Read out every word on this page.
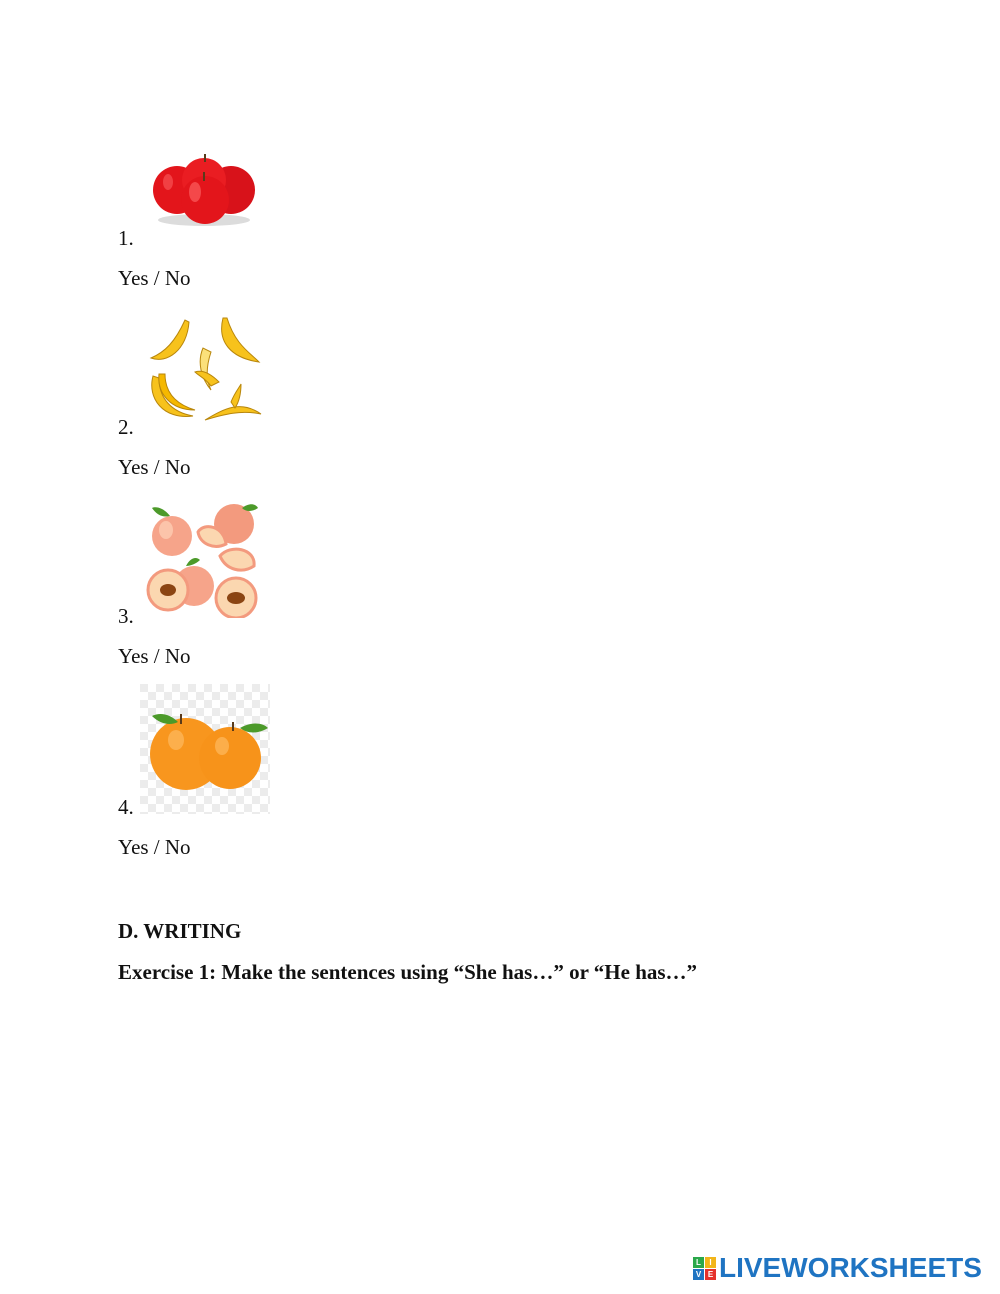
1.
Yes / No
2.
Yes / No
3.
Yes / No
4.
Yes / No
D. WRITING
Exercise 1: Make the sentences using “She has…” or “He has…”
L	I
V E LIVEWORKSHEETS
